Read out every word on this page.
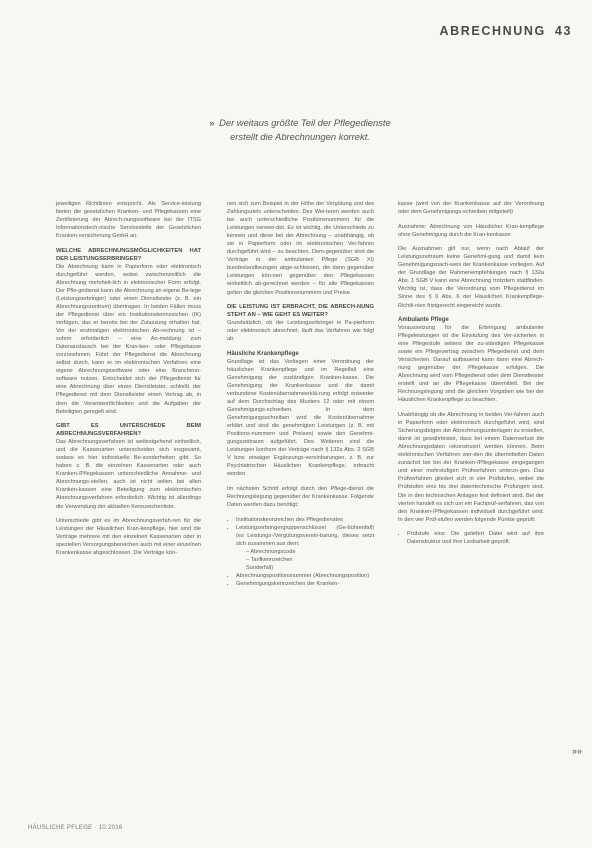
ABRECHNUNG 43
» Der weitaus größte Teil der Pflegedienste
erstellt die Abrechnungen korrekt.

jeweiligen Richtlinien entspricht. Als Service-leistung bieten die gesetzlichen Kranken- und Pflegekassen eine Zertifizierung der Abrech-nungssoftware bei der ITSG Informationstech-nische Servicestelle der Gesetzlichen Kranken-versicherung GmbH an.

WELCHE ABRECHNUNGSMÖGLICHKEITEN HAT DER LEISTUNGSERBRINGER?

Die Abrechnung kann in Papierform oder elektronisch durchgeführt werden, wobei zwischenzeitlich die Abrechnung mehrheit-lich in elektronischer Form erfolgt. Der Pfle-gedienst kann die Abrechnung an eigene Be-lege (Leistungserbringer) oder einen Dienstleister (z. B. ein Abrechnungszentrum) übertragen. In beiden Fällen muss der Pflegedienst über ein Institutionskennzeichen (IK) verfügen, das er bereits bei der Zulassung erhalten hat. Vor der erstmaligen elektronischen Ab-rechnung ist – sofern erforderlich – eine An-meldung zum Datenaustausch bei der Kran-ken- oder Pflegekasse vorzunehmen. Führt der Pflegedienst die Abrechnung selbst durch, kann er im elektronischen Verfahren eine eigene Abrechnungssoftware oder eine Brancheno-software nutzen. Entscheidet sich der Pflegedienst für eine Abrechnung über einen Dienstleister, schließt der Pflegedienst mit dem Dienstleister einen Vertrag ab, in dem die Verantwortlichkeiten und die Aufgaben der Beteiligten geregelt sind.

GIBT ES UNTERSCHIEDE BEIM ABRECHNUNGSVERFAHREN?

Das Abrechnungsverfahren ist weitestgehend einheitlich, und die Kassenarten unterscheiden sich insgesamt, sodass es hier individuelle Be-sonderheiten gibt. So haben z. B. die einzelnen Kassenarten oder auch Kranken-/Pflegekassen unterschiedliche Annahme- und Abrechnungs-stellen, auch ist nicht selten bei allen Kranken-kassen eine Beteiligung zum elektronischen Abrechnungsverfahren erforderlich. Wichtig ist allerdings die Verwendung der aktuellen Kennzeichenliste.

Unterschiede gibt es im Abrechnungsverfah-ren für die Leistungen der Häuslichen Kran-kenpflege, hier sind die Verträge mehrere mit den einzelnen Kassenarten oder in speziellen Versorgungsbereichen auch mit einer einzelnen Krankenkasse abgeschlossen. Die Verträge kön-

nen sich zum Beispiel in der Höhe der Vergütung und des Zahlungsziels unterscheiden. Des Wei-teren werden auch bei auch unterschiedliche Positionsnummern für die Leistungen verwen-det. Es ist wichtig, die Unterschiede zu kennen und diese bei der Abrechnung – unabhängig, ob sie in Papierform oder im elektronischen Ver-fahren durchgeführt wird – zu beachten. Dem-gegenüber sind die Verträge in der ambulanten Pflege (SGB XI) bundeslandbezogen abge-schlossen, die dann gegenüber Leistungen kön-nen gegenüber den Pflegekassen einheitlich ab-gerechnet werden – für alle Pflegekassen gelten die gleichen Positionsnummern und Preise.

DIE LEISTUNG IST ERBRACHT, DIE ABRECH-NUNG STEHT AN – WIE GEHT ES WEITER?

Grundsätzlich, ob der Leistungserbringer in Pa-pierform oder elektronisch abrechnet, läuft das Verfahren wie folgt ab:

Häusliche Krankenpflege

Grundlage ist das Vorliegen einer Verordnung der häuslichen Krankenpflege und im Regelfall eine Genehmigung der zuständigen Kranken-kasse. Die Genehmigung der Krankenkasse und die damit verbundene Kostenübernahmeerklä-rung erfolgt entweder auf dem Durchschlag des Musters 12 oder mit einem Genehmigungs-schreiben. In dem Genehmigungsschreiben wird die Kostenübernahme erklärt und sind die genehmigten Leistungen (z. B. mit Positions-nummern und Preisen) sowie den Genehmi-gungszeitraum aufgeführt. Des Weiteren sind die Leistungen konform der Verträge nach § 132a Abs. 2 SGB V bzw. etwaiger Ergänzungs-vereinbarungen, z. B. zur Psychiatrischen Häuslichen Krankenpflege, erbracht worden.

Im nächsten Schritt erfolgt durch den Pflege-dienst die Rechnungslegung gegenüber der Krankenkasse. Folgende Daten werden dazu benötigt:

• Institutionskennzeichen des Pflegedienstes
• Leistungserbringergruppenschlüssel (Ge-bührenfall) (es Leistungs-/Vergütungsverein-barung, dieses setzt sich zusammen aus dem:
– Abrechnungscode
– Tarifkennzeichen
Sonderfall)
• Abrechnungspositionsnummer (Abrechnungsposition)
• Genehmigungskennzeichen der Kranken-

kasse (wird von der Krankenkasse auf der Verordnung oder dem Genehmigungs-schreiben mitgeteilt)

Ausnahme: Abrechnung von Häuslicher Kran-kenpflege ohne Genehmigung durch die Kran-kenkasse

Die Ausnahmen gilt nur, wenn nach Ablauf der Leistungszeitraum keine Genehmi-gung und damit kein Genehmigungsnach-weis der Krankenkasse vorliegen. Auf der Grundlage der Rahmenempfehlungen nach § 132a Abs. 1 SGB V kann eine Abrechnung trotzdem stattfinden. Wichtig ist, dass die Verordnung vom Pflegedienst im Sinne des § 6 Abs. 6 der Häuslichen Krankenpflege-Richtli-nien fristgerecht eingereicht wurde.

Ambulante Pflege

Voraussetzung für die Erbringung ambulanter Pflegeleistungen ist die Einstufung des Ver-sicherten in eine Pflegestufe seitens der zu-ständigen Pflegekasse sowie ein Pflegevertrag zwischen Pflegedienst und dem Versicherten. Darauf aufbauend kann dann eine Abrech-nung gegenüber der Pflegekasse erfolgen. Die Abrechnung wird vom Pflegedienst oder dem Dienstleister erstellt und an die Pflegekasse übermittelt. Bei der Rechnungslegung sind die gleichen Vorgaben wie bei der Häuslichen Krankenpflege zu beachten.

Unabhängig ob die Abrechnung in beiden Ver-fahren auch in Papierform oder elektronisch durchgeführt wird, sind Sicherungsbögen der Abrechnungsunterlagen zu erstellen, damit ist gewährleistet, dass bei einem Datenverlust die Abrechnungsdaten rekonstruiert werden können. Beim elektronischen Verfahren wer-den die übermittelten Daten zunächst bei bei der Kranken-/Pflegekasse eingegangen und einer mehrstufigen Prüfverfahren unterzo-gen. Das Prüfverfahren gliedert sich in vier Prüfstufen, wobei die Prüfstufen eins bis drei datentechnische Prüfungen sind. Die in den technischen Anlagen fest definiert sind. Bei der vierten handelt es sich um ein Fachprüf-verfahren, das von den Kranken-/Pflegekassen individuell durchgeführt wird. In den vier Prüf-stufen werden folgende Punkte geprüft:

• Prüfstufe eins: Die geliefert Datei wird auf ihre Datenstruktur und ihre Lesbarkeit geprüft.
»»
HÄUSLICHE PFLEGE · 10.2016
